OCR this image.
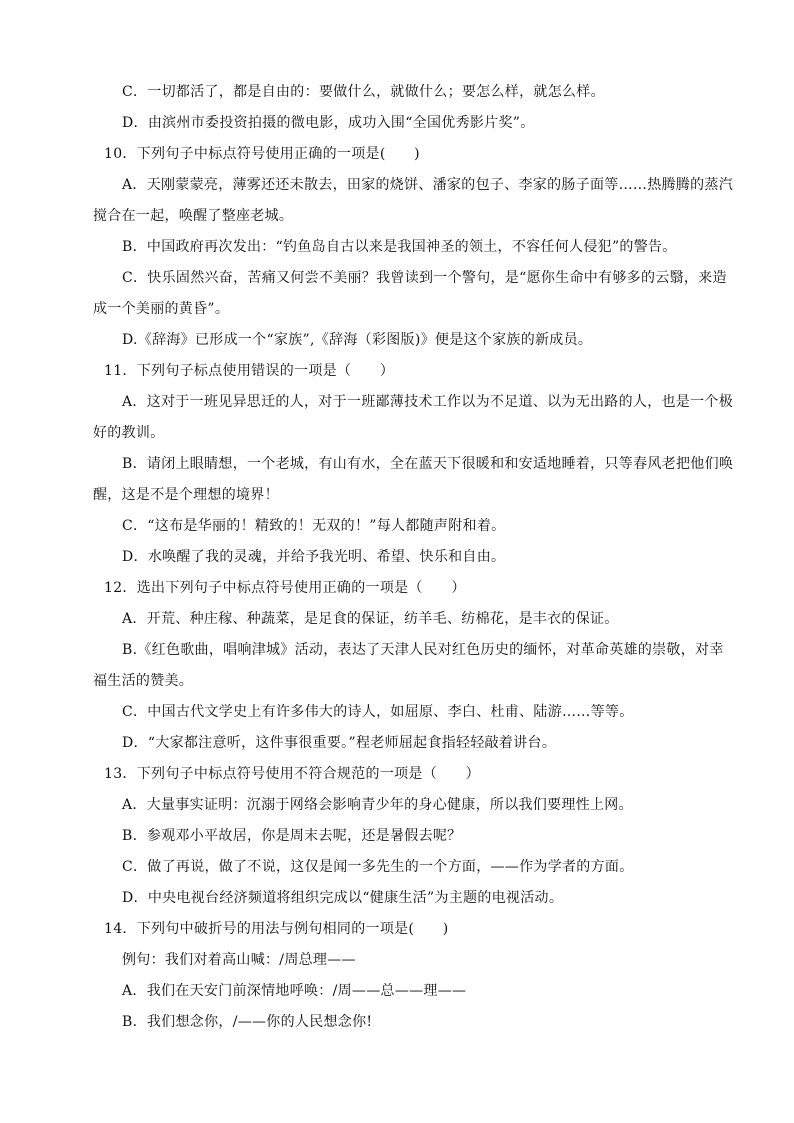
C．一切都活了，都是自由的：要做什么，就做什么；要怎么样，就怎么样。
D．由滨州市委投资拍摄的微电影，成功入围“全国优秀影片奖”。
10．下列句子中标点符号使用正确的一项是(　　)
A．天刚蒙蒙亮，薄雾还还未散去，田家的烧饼、潘家的包子、李家的肠子面等……热腾腾的蒸汽
搅合在一起，唤醒了整座老城。
B．中国政府再次发出：“钓鱼岛自古以来是我国神圣的领土，不容任何人侵犯”的警告。
C．快乐固然兴奋，苦痛又何尝不美丽？我曾读到一个警句，是“愿你生命中有够多的云翳，来造
成一个美丽的黄昏”。
D.《辞海》已形成一个“家族”,《辞海（彩图版)》便是这个家族的新成员。
11．下列句子标点使用错误的一项是（　　）
A．这对于一班见异思迁的人，对于一班鄙薄技术工作以为不足道、以为无出路的人，也是一个极
好的教训。
B．请闭上眼睛想，一个老城，有山有水，全在蓝天下很暖和和安适地睡着，只等春风老把他们唤
醒，这是不是个理想的境界！
C．“这布是华丽的！精致的！无双的！”每人都随声附和着。
D．水唤醒了我的灵魂，并给予我光明、希望、快乐和自由。
12．选出下列句子中标点符号使用正确的一项是（　　）
A．开荒、种庄稼、种蔬菜，是足食的保证，纺羊毛、纺棉花，是丰衣的保证。
B.《红色歌曲，唱响津城》活动，表达了天津人民对红色历史的缅怀，对革命英雄的崇敬，对幸
福生活的赞美。
C．中国古代文学史上有许多伟大的诗人，如屈原、李白、杜甫、陆游……等等。
D．“大家都注意听，这件事很重要。”程老师屈起食指轻轻敲着讲台。
13．下列句子中标点符号使用不符合规范的一项是（　　）
A．大量事实证明：沉溺于网络会影响青少年的身心健康，所以我们要理性上网。
B．参观邓小平故居，你是周末去呢，还是暑假去呢？
C．做了再说，做了不说，这仅是闻一多先生的一个方面，——作为学者的方面。
D．中央电视台经济频道将组织完成以“健康生活”为主题的电视活动。
14．下列句中破折号的用法与例句相同的一项是(　　)
例句：我们对着高山喊：/周总理——
A．我们在天安门前深情地呼唤：/周——总——理——
B．我们想念你，/——你的人民想念你!
